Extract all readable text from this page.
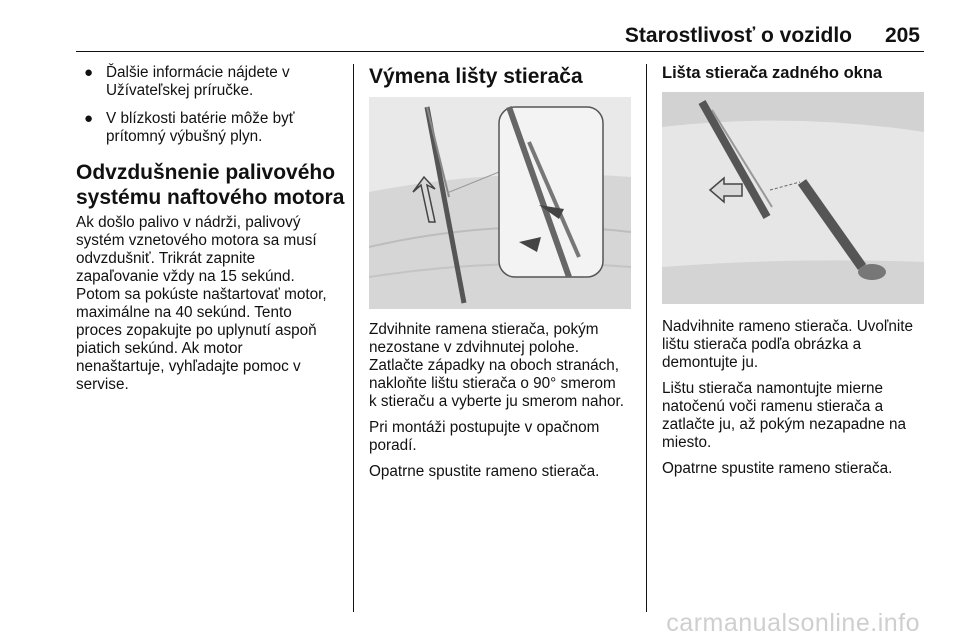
Starostlivosť o vozidlo 205
● Ďalšie informácie nájdete v
Užívateľskej príručke.
● V blízkosti batérie môže byť
prítomný výbušný plyn.
Odvzdušnenie palivového
systému naftového motora

Ak došlo palivo v nádrži, palivový
systém vznetového motora sa musí
odvzdušniť. Trikrát zapnite
zapaľovanie vždy na 15 sekúnd.
Potom sa pokúste naštartovať motor,
maximálne na 40 sekúnd. Tento
proces zopakujte po uplynutí aspoň
piatich sekúnd. Ak motor
nenaštartuje, vyhľadajte pomoc v
servise.

Výmena lišty stierača

Zdvihnite ramena stierača, pokým
nezostane v zdvihnutej polohe.
Zatlačte západky na oboch stranách,
nakloňte lištu stierača o 90° smerom
k stieraču a vyberte ju smerom nahor.

Pri montáži postupujte v opačnom
poradí.

Opatrne spustite rameno stierača.

Lišta stierača zadného okna

Nadvihnite rameno stierača. Uvoľnite
lištu stierača podľa obrázka a
demontujte ju.

Lištu stierača namontujte mierne
natočenú voči ramenu stierača a
zatlačte ju, až pokým nezapadne na
miesto.

Opatrne spustite rameno stierača.

carmanualsonline.info
